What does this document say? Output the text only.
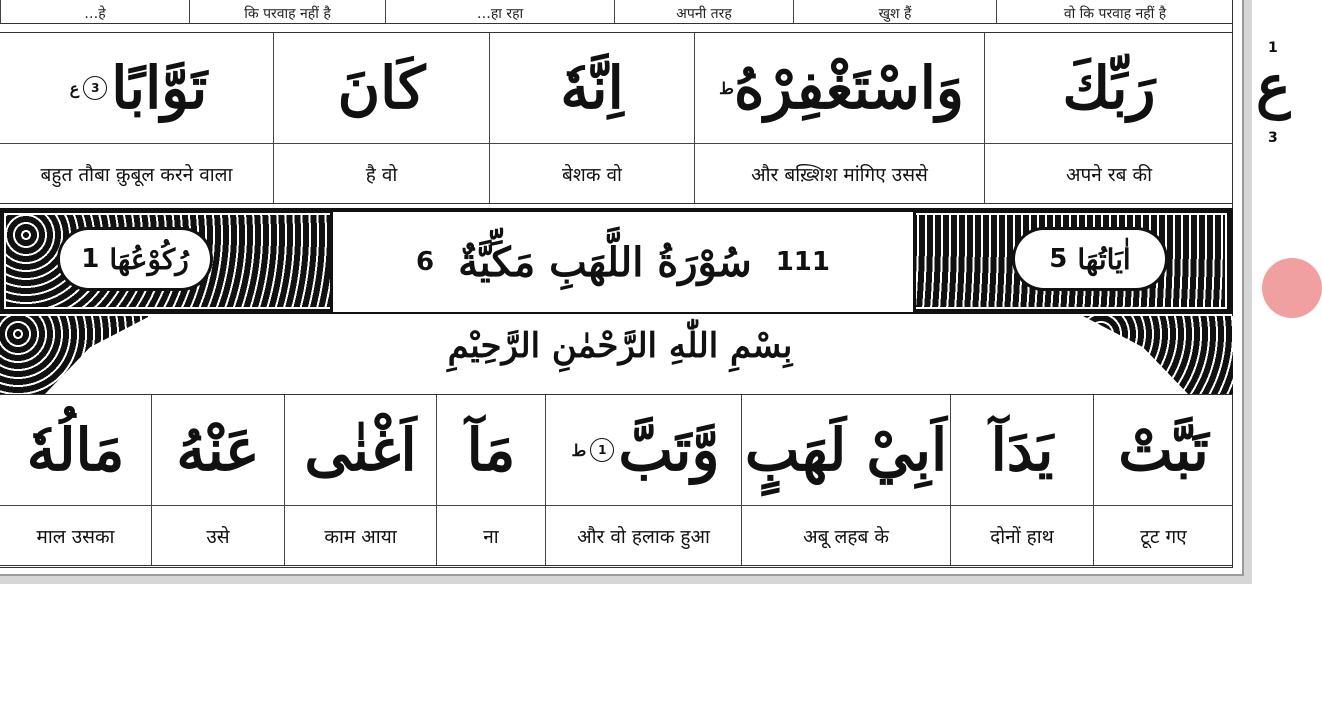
वो कि परवाह नहीं है
खुश हैं
अपनी तरह
…हा रहा
कि परवाह नहीं है
…हे
رَبِّكَ
وَاسْتَغْفِرْهُ
ط
اِنَّهٗ
كَانَ
تَوَّابًا
3
ع
अपने रब की
और बख़्शिश मांगिए उससे
बेशक वो
है वो
बहुत तौबा क़ुबूल करने वाला
1 رُكُوْعُهَا	111
سُوْرَةُ اللَّهَبِ مَكِّيَّةٌ
6	5 اٰيَاتُهَا
بِسْمِ اللّٰهِ الرَّحْمٰنِ الرَّحِيْمِ
تَبَّتْ
يَدَآ
اَبِيْ لَهَبٍ
وَّتَبَّ
1
ط
مَآ
اَغْنٰى
عَنْهُ
مَالُهٗ
टूट गए
दोनों हाथ
अबू लहब के
और वो हलाक हुआ
ना
काम आया
उसे
माल उसका
1
ع
3
